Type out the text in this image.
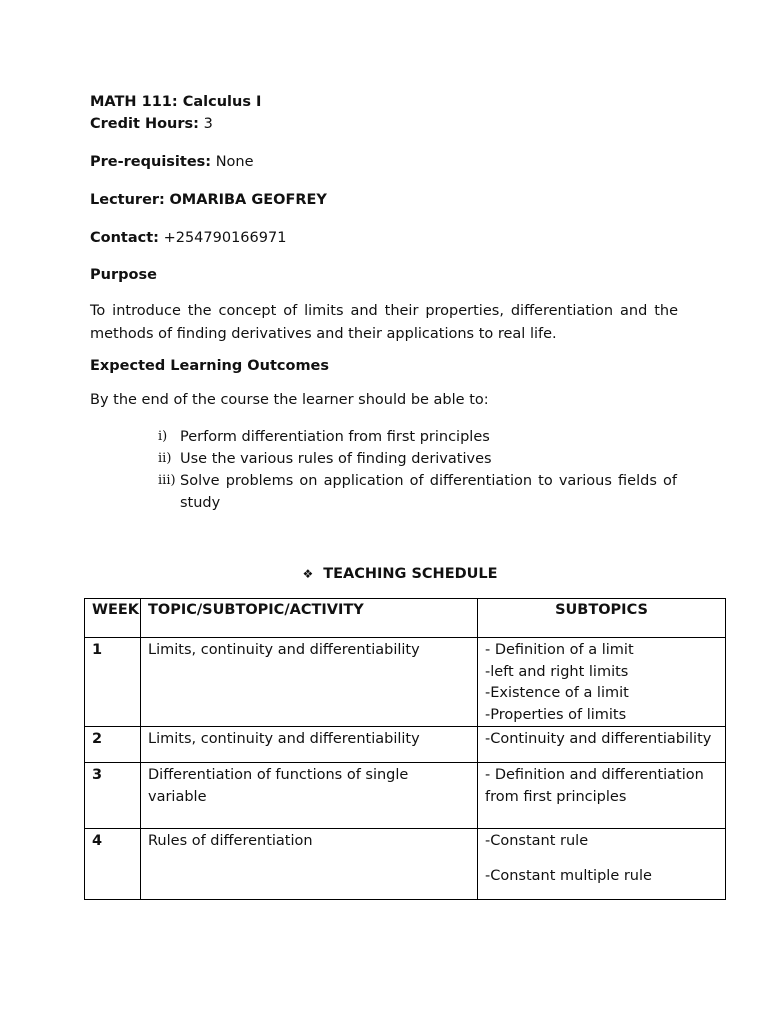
MATH 111: Calculus I
Credit Hours: 3
Pre-requisites: None
Lecturer: OMARIBA GEOFREY
Contact: +254790166971
Purpose
To introduce the concept of limits and their properties, differentiation and the methods of finding derivatives and their applications to real life.
Expected Learning Outcomes
By the end of the course the learner should be able to:
i) Perform differentiation from first principles
ii) Use the various rules of finding derivatives
iii) Solve problems on application of differentiation to various fields of study
❖ TEACHING SCHEDULE
WEEK	TOPIC/SUBTOPIC/ACTIVITY	SUBTOPICS
1	Limits, continuity and differentiability	- Definition of a limit
-left and right limits
-Existence of a limit
-Properties of limits

2	Limits, continuity and differentiability	-Continuity and differentiability

3	Differentiation of functions of single variable	- Definition and differentiation
from first principles

4	Rules of differentiation	-Constant rule
-Constant multiple rule
